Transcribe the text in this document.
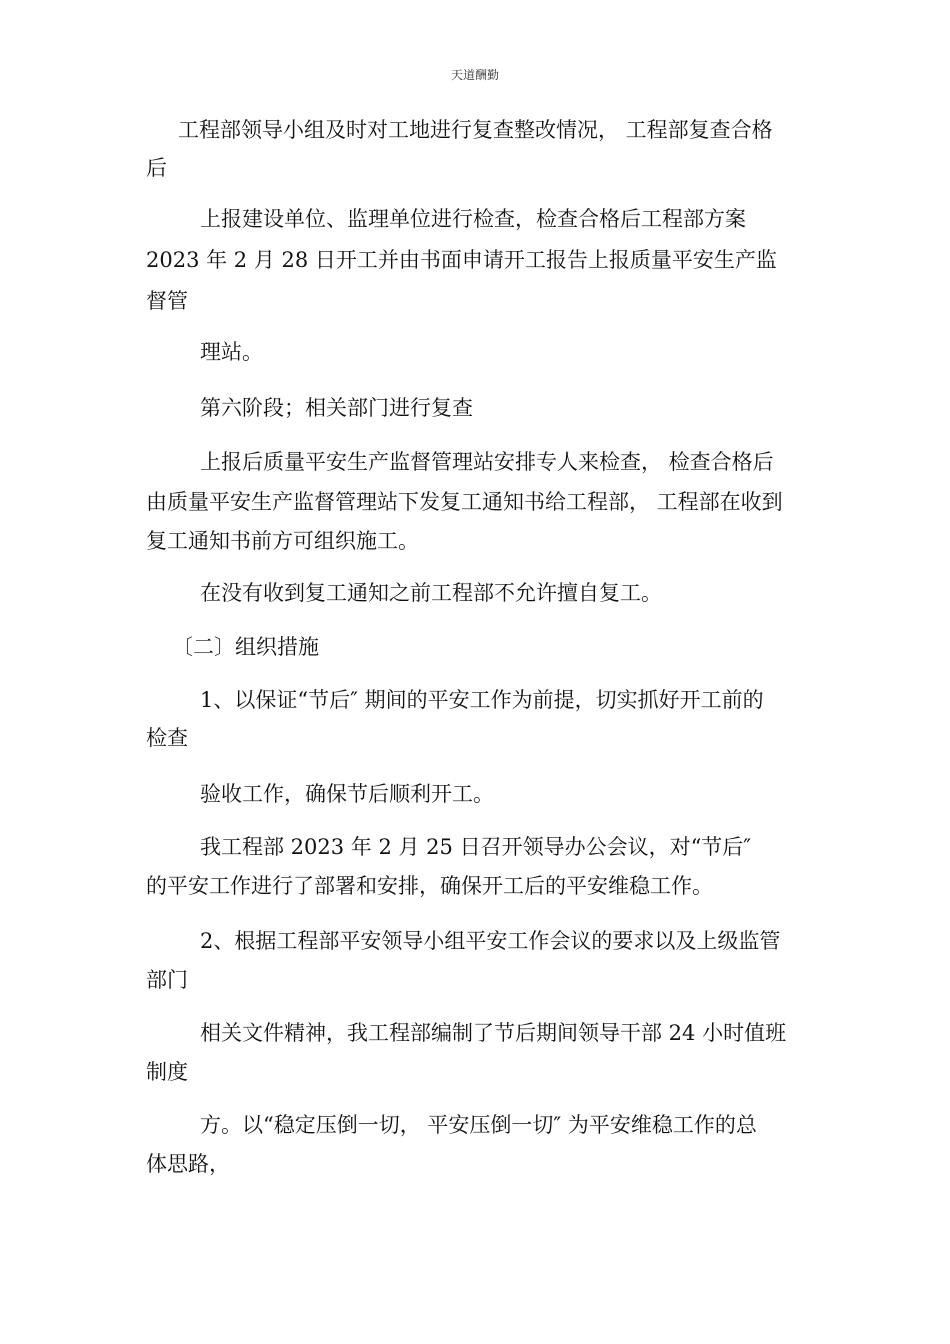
天道酬勤
工程部领导小组及时对工地进行复查整改情况， 工程部复查合格
后
上报建设单位、监理单位进行检查，检查合格后工程部方案
2023 年 2 月 28 日开工并由书面申请开工报告上报质量平安生产监
督管
理站。
第六阶段；相关部门进行复查
上报后质量平安生产监督管理站安排专人来检查， 检查合格后
由质量平安生产监督管理站下发复工通知书给工程部， 工程部在收到
复工通知书前方可组织施工。
在没有收到复工通知之前工程部不允许擅自复工。
〔二〕组织措施
1、以保证“节后″ 期间的平安工作为前提，切实抓好开工前的
检查
验收工作，确保节后顺利开工。
我工程部 2023 年 2 月 25 日召开领导办公会议，对“节后″
的平安工作进行了部署和安排，确保开工后的平安维稳工作。
2、根据工程部平安领导小组平安工作会议的要求以及上级监管
部门
相关文件精神，我工程部编制了节后期间领导干部 24 小时值班
制度
方。以“稳定压倒一切， 平安压倒一切″ 为平安维稳工作的总
体思路，
